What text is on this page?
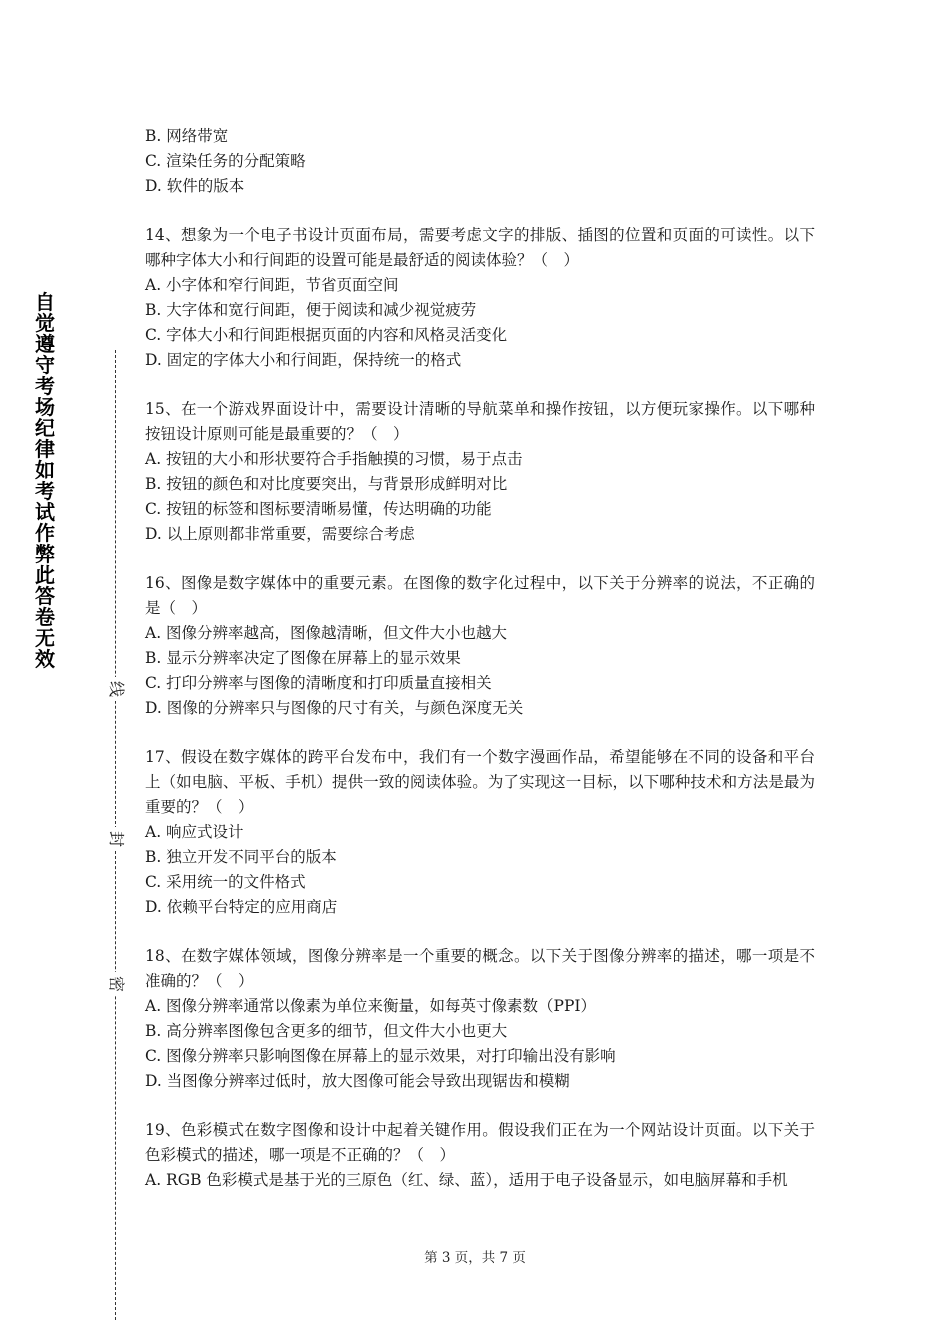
自觉遵守考场纪律如考试作弊此答卷无效
线
封
密
B. 网络带宽
C. 渲染任务的分配策略
D. 软件的版本
14、想象为一个电子书设计页面布局，需要考虑文字的排版、插图的位置和页面的可读性。以下哪种字体大小和行间距的设置可能是最舒适的阅读体验？（　）
A. 小字体和窄行间距，节省页面空间
B. 大字体和宽行间距，便于阅读和减少视觉疲劳
C. 字体大小和行间距根据页面的内容和风格灵活变化
D. 固定的字体大小和行间距，保持统一的格式
15、在一个游戏界面设计中，需要设计清晰的导航菜单和操作按钮，以方便玩家操作。以下哪种按钮设计原则可能是最重要的？（　）
A. 按钮的大小和形状要符合手指触摸的习惯，易于点击
B. 按钮的颜色和对比度要突出，与背景形成鲜明对比
C. 按钮的标签和图标要清晰易懂，传达明确的功能
D. 以上原则都非常重要，需要综合考虑
16、图像是数字媒体中的重要元素。在图像的数字化过程中，以下关于分辨率的说法，不正确的是（　）
A. 图像分辨率越高，图像越清晰，但文件大小也越大
B. 显示分辨率决定了图像在屏幕上的显示效果
C. 打印分辨率与图像的清晰度和打印质量直接相关
D. 图像的分辨率只与图像的尺寸有关，与颜色深度无关
17、假设在数字媒体的跨平台发布中，我们有一个数字漫画作品，希望能够在不同的设备和平台上（如电脑、平板、手机）提供一致的阅读体验。为了实现这一目标，以下哪种技术和方法是最为重要的？（　）
A. 响应式设计
B. 独立开发不同平台的版本
C. 采用统一的文件格式
D. 依赖平台特定的应用商店
18、在数字媒体领域，图像分辨率是一个重要的概念。以下关于图像分辨率的描述，哪一项是不准确的？（　）
A. 图像分辨率通常以像素为单位来衡量，如每英寸像素数（PPI）
B. 高分辨率图像包含更多的细节，但文件大小也更大
C. 图像分辨率只影响图像在屏幕上的显示效果，对打印输出没有影响
D. 当图像分辨率过低时，放大图像可能会导致出现锯齿和模糊
19、色彩模式在数字图像和设计中起着关键作用。假设我们正在为一个网站设计页面。以下关于色彩模式的描述，哪一项是不正确的？（　）
A. RGB 色彩模式是基于光的三原色（红、绿、蓝），适用于电子设备显示，如电脑屏幕和手机
第 3 页，共 7 页
